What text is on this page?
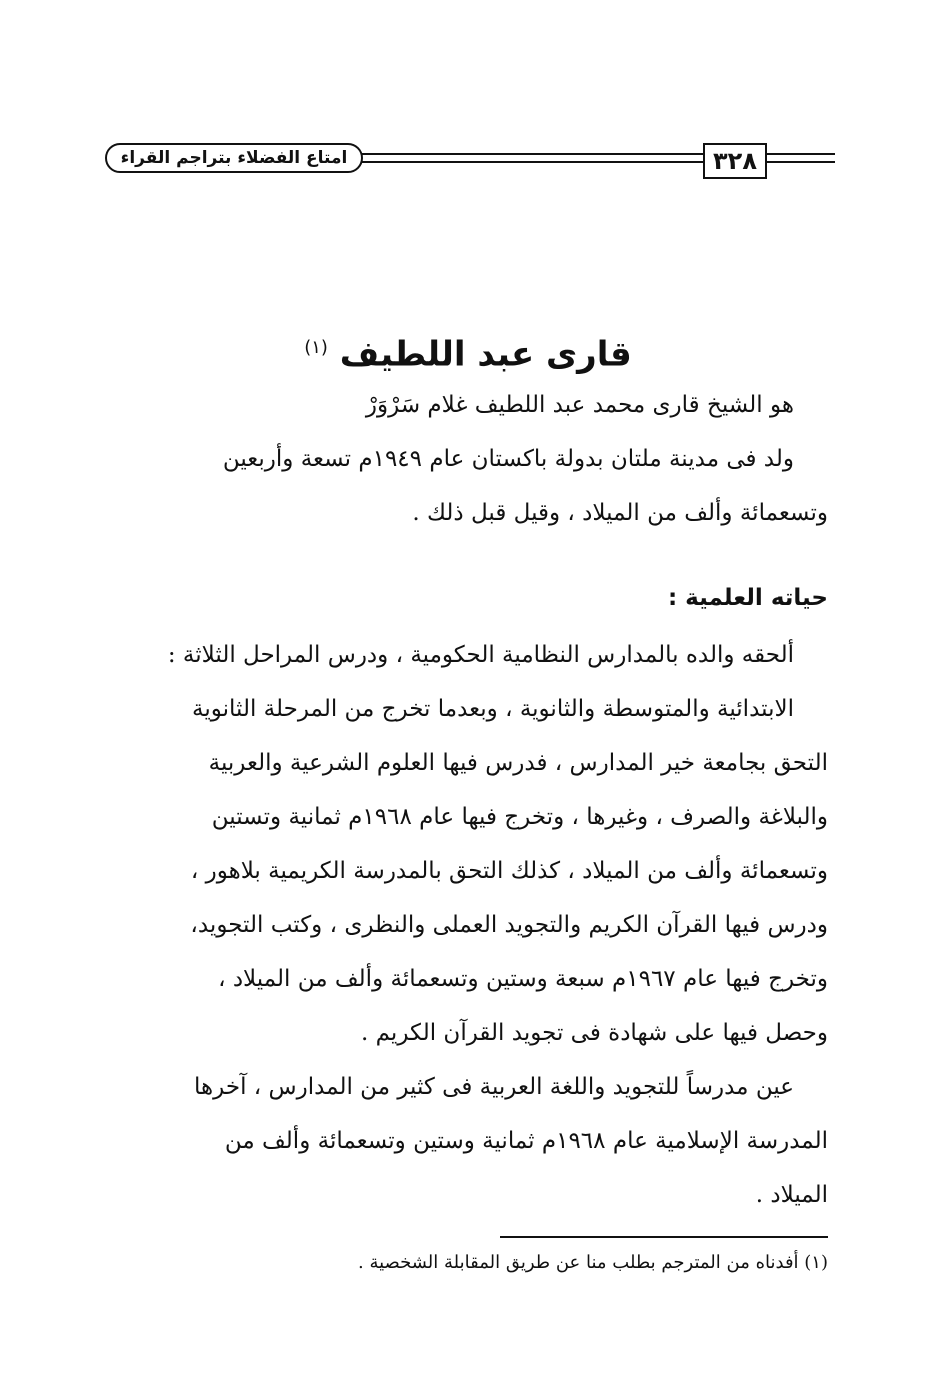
امتاع الفضلاء بتراجم القراء	٣٢٨
قارى عبد اللطيف $^{(١)}$
هو الشيخ قارى محمد عبد اللطيف غلام سَرْوَرْ
ولد فى مدينة ملتان بدولة باكستان عام ١٩٤٩م تسعة وأربعين
وتسعمائة وألف من الميلاد ، وقيل قبل ذلك .
حياته العلمية :
ألحقه والده بالمدارس النظامية الحكومية ، ودرس المراحل الثلاثة :
الابتدائية والمتوسطة والثانوية ، وبعدما تخرج من المرحلة الثانوية
التحق بجامعة خير المدارس ، فدرس فيها العلوم الشرعية والعربية
والبلاغة والصرف ، وغيرها ، وتخرج فيها عام ١٩٦٨م ثمانية وتستين
وتسعمائة وألف من الميلاد ، كذلك التحق بالمدرسة الكريمية بلاهور ،
ودرس فيها القرآن الكريم والتجويد العملى والنظرى ، وكتب التجويد،
وتخرج فيها عام ١٩٦٧م سبعة وستين وتسعمائة وألف من الميلاد ،
وحصل فيها على شهادة فى تجويد القرآن الكريم .
عين مدرساً للتجويد واللغة العربية فى كثير من المدارس ، آخرها
المدرسة الإسلامية عام ١٩٦٨م ثمانية وستين وتسعمائة وألف من
الميلاد .
(١) أفدناه من المترجم بطلب منا عن طريق المقابلة الشخصية .
